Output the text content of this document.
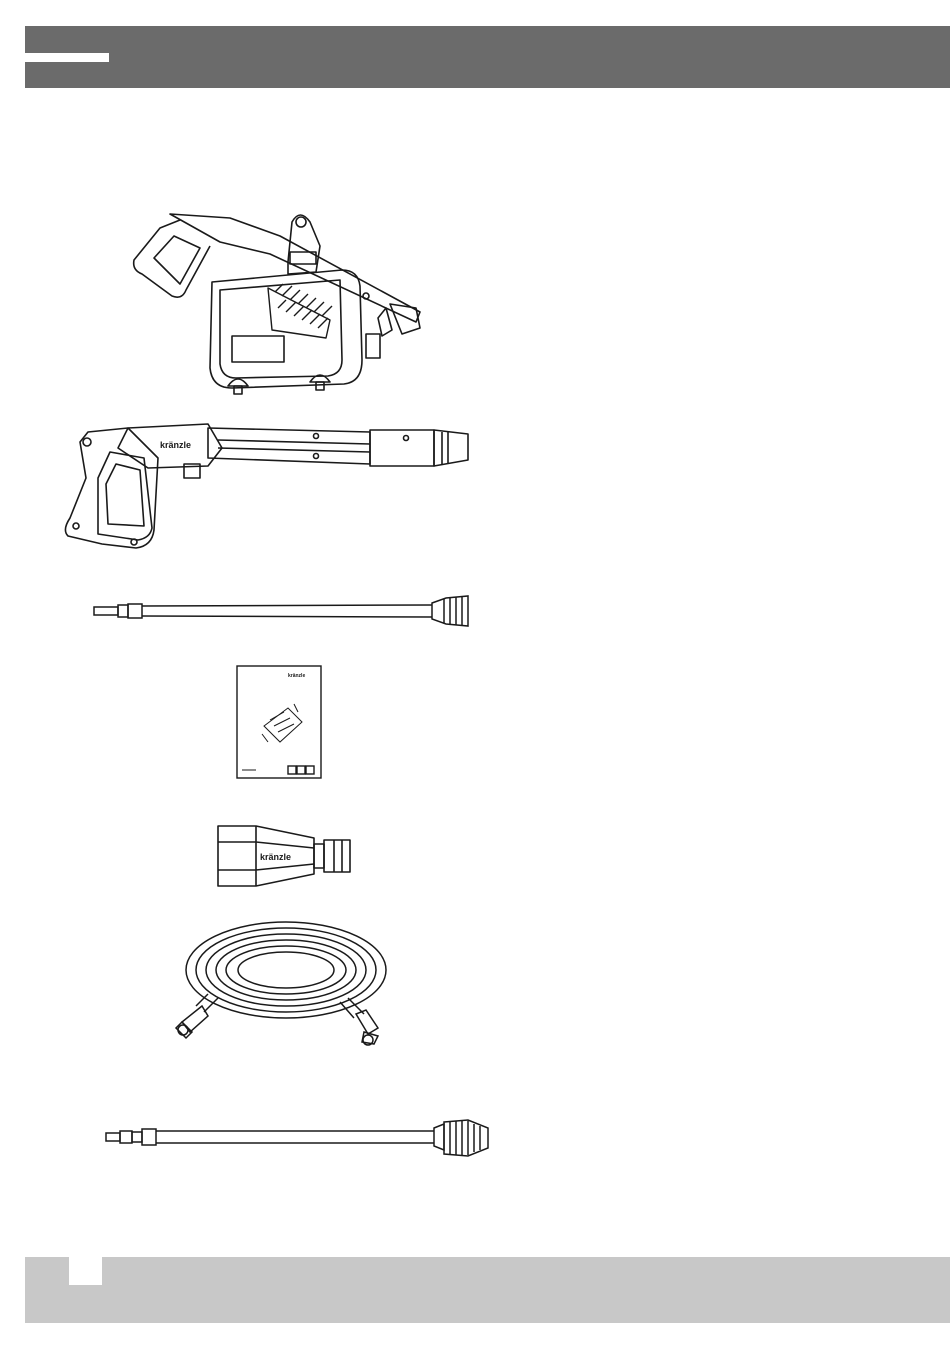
kränzle
kränzle
kränzle
